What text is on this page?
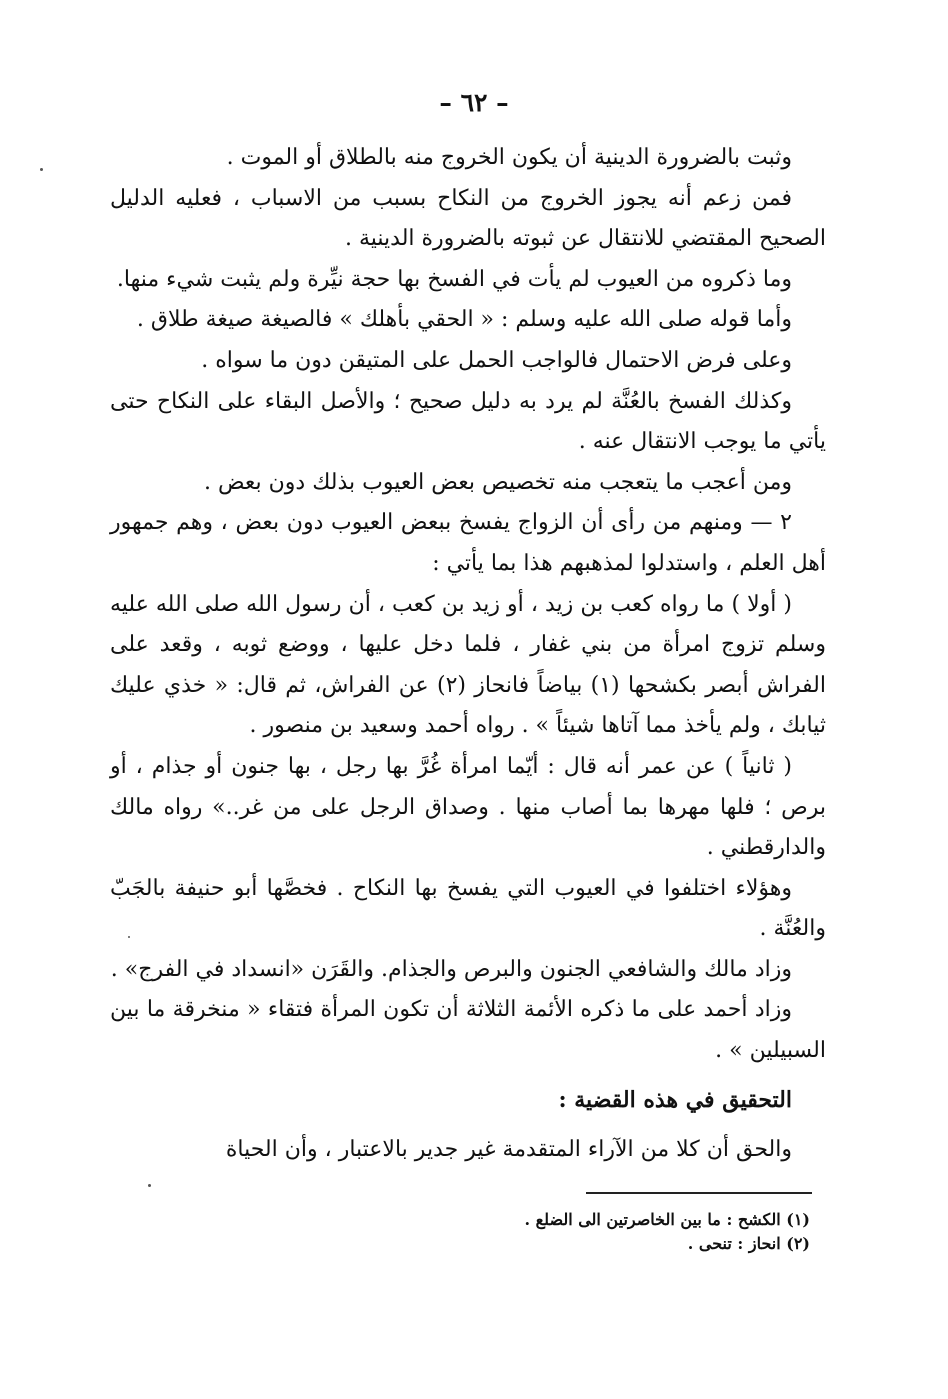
– ٦٢ –

وثبت بالضرورة الدينية أن يكون الخروج منه بالطلاق أو الموت .

فمن زعم أنه يجوز الخروج من النكاح بسبب من الاسباب ، فعليه الدليل الصحيح المقتضي للانتقال عن ثبوته بالضرورة الدينية .

وما ذكروه من العيوب لم يأت في الفسخ بها حجة نيِّرة ولم يثبت شيء منها.

وأما قوله صلى الله عليه وسلم : « الحقي بأهلك » فالصيغة صيغة طلاق .

وعلى فرض الاحتمال فالواجب الحمل على المتيقن دون ما سواه .

وكذلك الفسخ بالعُنَّة لم يرد به دليل صحيح ؛ والأصل البقاء على النكاح حتى يأتي ما يوجب الانتقال عنه .

ومن أعجب ما يتعجب منه تخصيص بعض العيوب بذلك دون بعض .

٢ — ومنهم من رأى أن الزواج يفسخ ببعض العيوب دون بعض ، وهم جمهور أهل العلم ، واستدلوا لمذهبهم هذا بما يأتي :

( أولا ) ما رواه كعب بن زيد ، أو زيد بن كعب ، أن رسول الله صلى الله عليه وسلم تزوج امرأة من بني غفار ، فلما دخل عليها ، ووضع ثوبه ، وقعد على الفراش أبصر بكشحها (١) بياضاً فانحاز (٢) عن الفراش، ثم قال: « خذي عليك ثيابك ، ولم يأخذ مما آتاها شيئاً » . رواه أحمد وسعيد بن منصور .

( ثانياً ) عن عمر أنه قال : أيّما امرأة غُرَّ بها رجل ، بها جنون أو جذام ، أو برص ؛ فلها مهرها بما أصاب منها . وصداق الرجل على من غر..» رواه مالك والدارقطني .

وهؤلاء اختلفوا في العيوب التي يفسخ بها النكاح . فخصَّها أبو حنيفة بالجَبّ والعُنَّة .

وزاد مالك والشافعي الجنون والبرص والجذام. والقَرَن «انسداد في الفرج» .

وزاد أحمد على ما ذكره الأئمة الثلاثة أن تكون المرأة فتقاء « منخرقة ما بين السبيلين » .

التحقيق في هذه القضية :

والحق أن كلا من الآراء المتقدمة غير جدير بالاعتبار ، وأن الحياة

(١) الكشح : ما بين الخاصرتين الى الضلع .

(٢) انحاز : تنحى .
